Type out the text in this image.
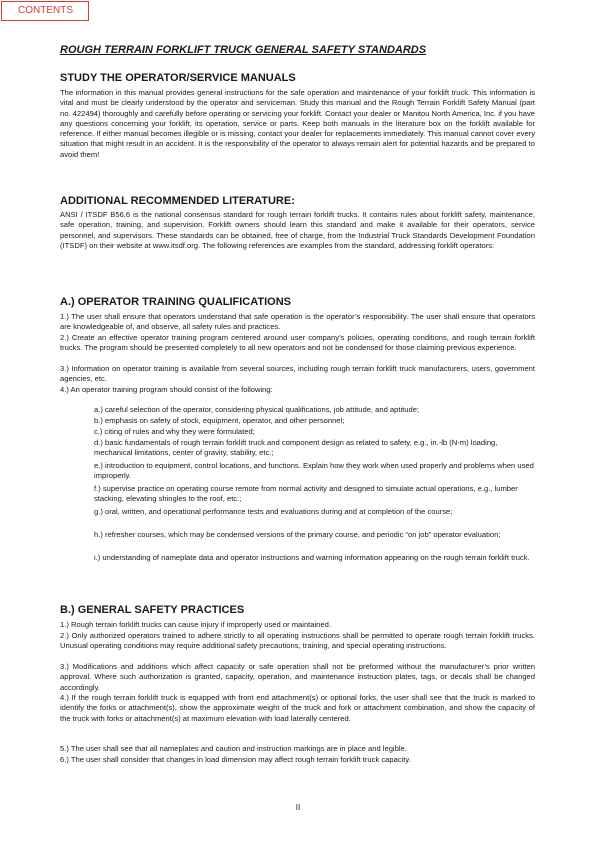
CONTENTS
ROUGH TERRAIN FORKLIFT TRUCK GENERAL SAFETY STANDARDS
STUDY THE OPERATOR/SERVICE MANUALS
The information in this manual provides general instructions for the safe operation and maintenance of your forklift truck. This information is vital and must be clearly understood by the operator and serviceman. Study this manual and the Rough Terrain Forklift Safety Manual (part no. 422494) thoroughly and carefully before operating or servicing your forklift. Contact your dealer or Manitou North America, Inc. if you have any questions concerning your forklift, its operation, service or parts. Keep both manuals in the literature box on the forklift available for reference. If either manual becomes illegible or is missing, contact your dealer for replacements immediately. This manual cannot cover every situation that might result in an accident. It is the responsibility of the operator to always remain alert for potential hazards and be prepared to avoid them!
ADDITIONAL RECOMMENDED LITERATURE:
ANSI / ITSDF B56.6 is the national consensus standard for rough terrain forklift trucks. It contains rules about forklift safety, maintenance, safe operation, training, and supervision. Forklift owners should learn this standard and make it available for their operators, service personnel, and supervisors. These standards can be obtained, free of charge, from the Industrial Truck Standards Development Foundation (ITSDF) on their website at www.itsdf.org. The following references are examples from the standard, addressing forklift operators:
A.) OPERATOR TRAINING QUALIFICATIONS
1.) The user shall ensure that operators understand that safe operation is the operator’s responsibility. The user shall ensure that operators are knowledgeable of, and observe, all safety rules and practices.
2.) Create an effective operator training program centered around user company’s policies, operating conditions, and rough terrain forklift trucks. The program should be presented completely to all new operators and not be condensed for those claiming previous experience.
3.) Information on operator training is available from several sources, including rough terrain forklift truck manufacturers, users, government agencies, etc.
4.) An operator training program should consist of the following:
a.) careful selection of the operator, considering physical qualifications, job attitude, and aptitude;
b.) emphasis on safety of stock, equipment, operator, and other personnel;
c.) citing of rules and why they were formulated;
d.) basic fundamentals of rough terrain forklift truck and component design as related to safety, e.g., in.-lb (N-m) loading, mechanical limitations, center of gravity, stability, etc.;
e.) introduction to equipment, control locations, and functions. Explain how they work when used properly and problems when used improperly.
f.) supervise practice on operating course remote from normal activity and designed to simulate actual operations, e.g., lumber stacking, elevating shingles to the roof, etc.;
g.) oral, written, and operational performance tests and evaluations during and at completion of the course;
h.) refresher courses, which may be condensed versions of the primary course, and periodic “on job” operator evaluation;
i.) understanding of nameplate data and operator instructions and warning information appearing on the rough terrain forklift truck.
B.) GENERAL SAFETY PRACTICES
1.) Rough terrain forklift trucks can cause injury if improperly used or maintained.
2.) Only authorized operators trained to adhere strictly to all operating instructions shall be permitted to operate rough terrain forklift trucks. Unusual operating conditions may require additional safety precautions, training, and special operating instructions.
3.) Modifications and additions which affect capacity or safe operation shall not be preformed without the manufacturer’s prior written approval. Where such authorization is granted, capacity, operation, and maintenance instruction plates, tags, or decals shall be changed accordingly.
4.) If the rough terrain forklift truck is equipped with front end attachment(s) or optional forks, the user shall see that the truck is marked to identify the forks or attachment(s), show the approximate weight of the truck and fork or attachment combination, and show the capacity of the truck with forks or attachment(s) at maximum elevation with load laterally centered.
5.) The user shall see that all nameplates and caution and instruction markings are in place and legible.
6.) The user shall consider that changes in load dimension may affect rough terrain forklift truck capacity.
II
